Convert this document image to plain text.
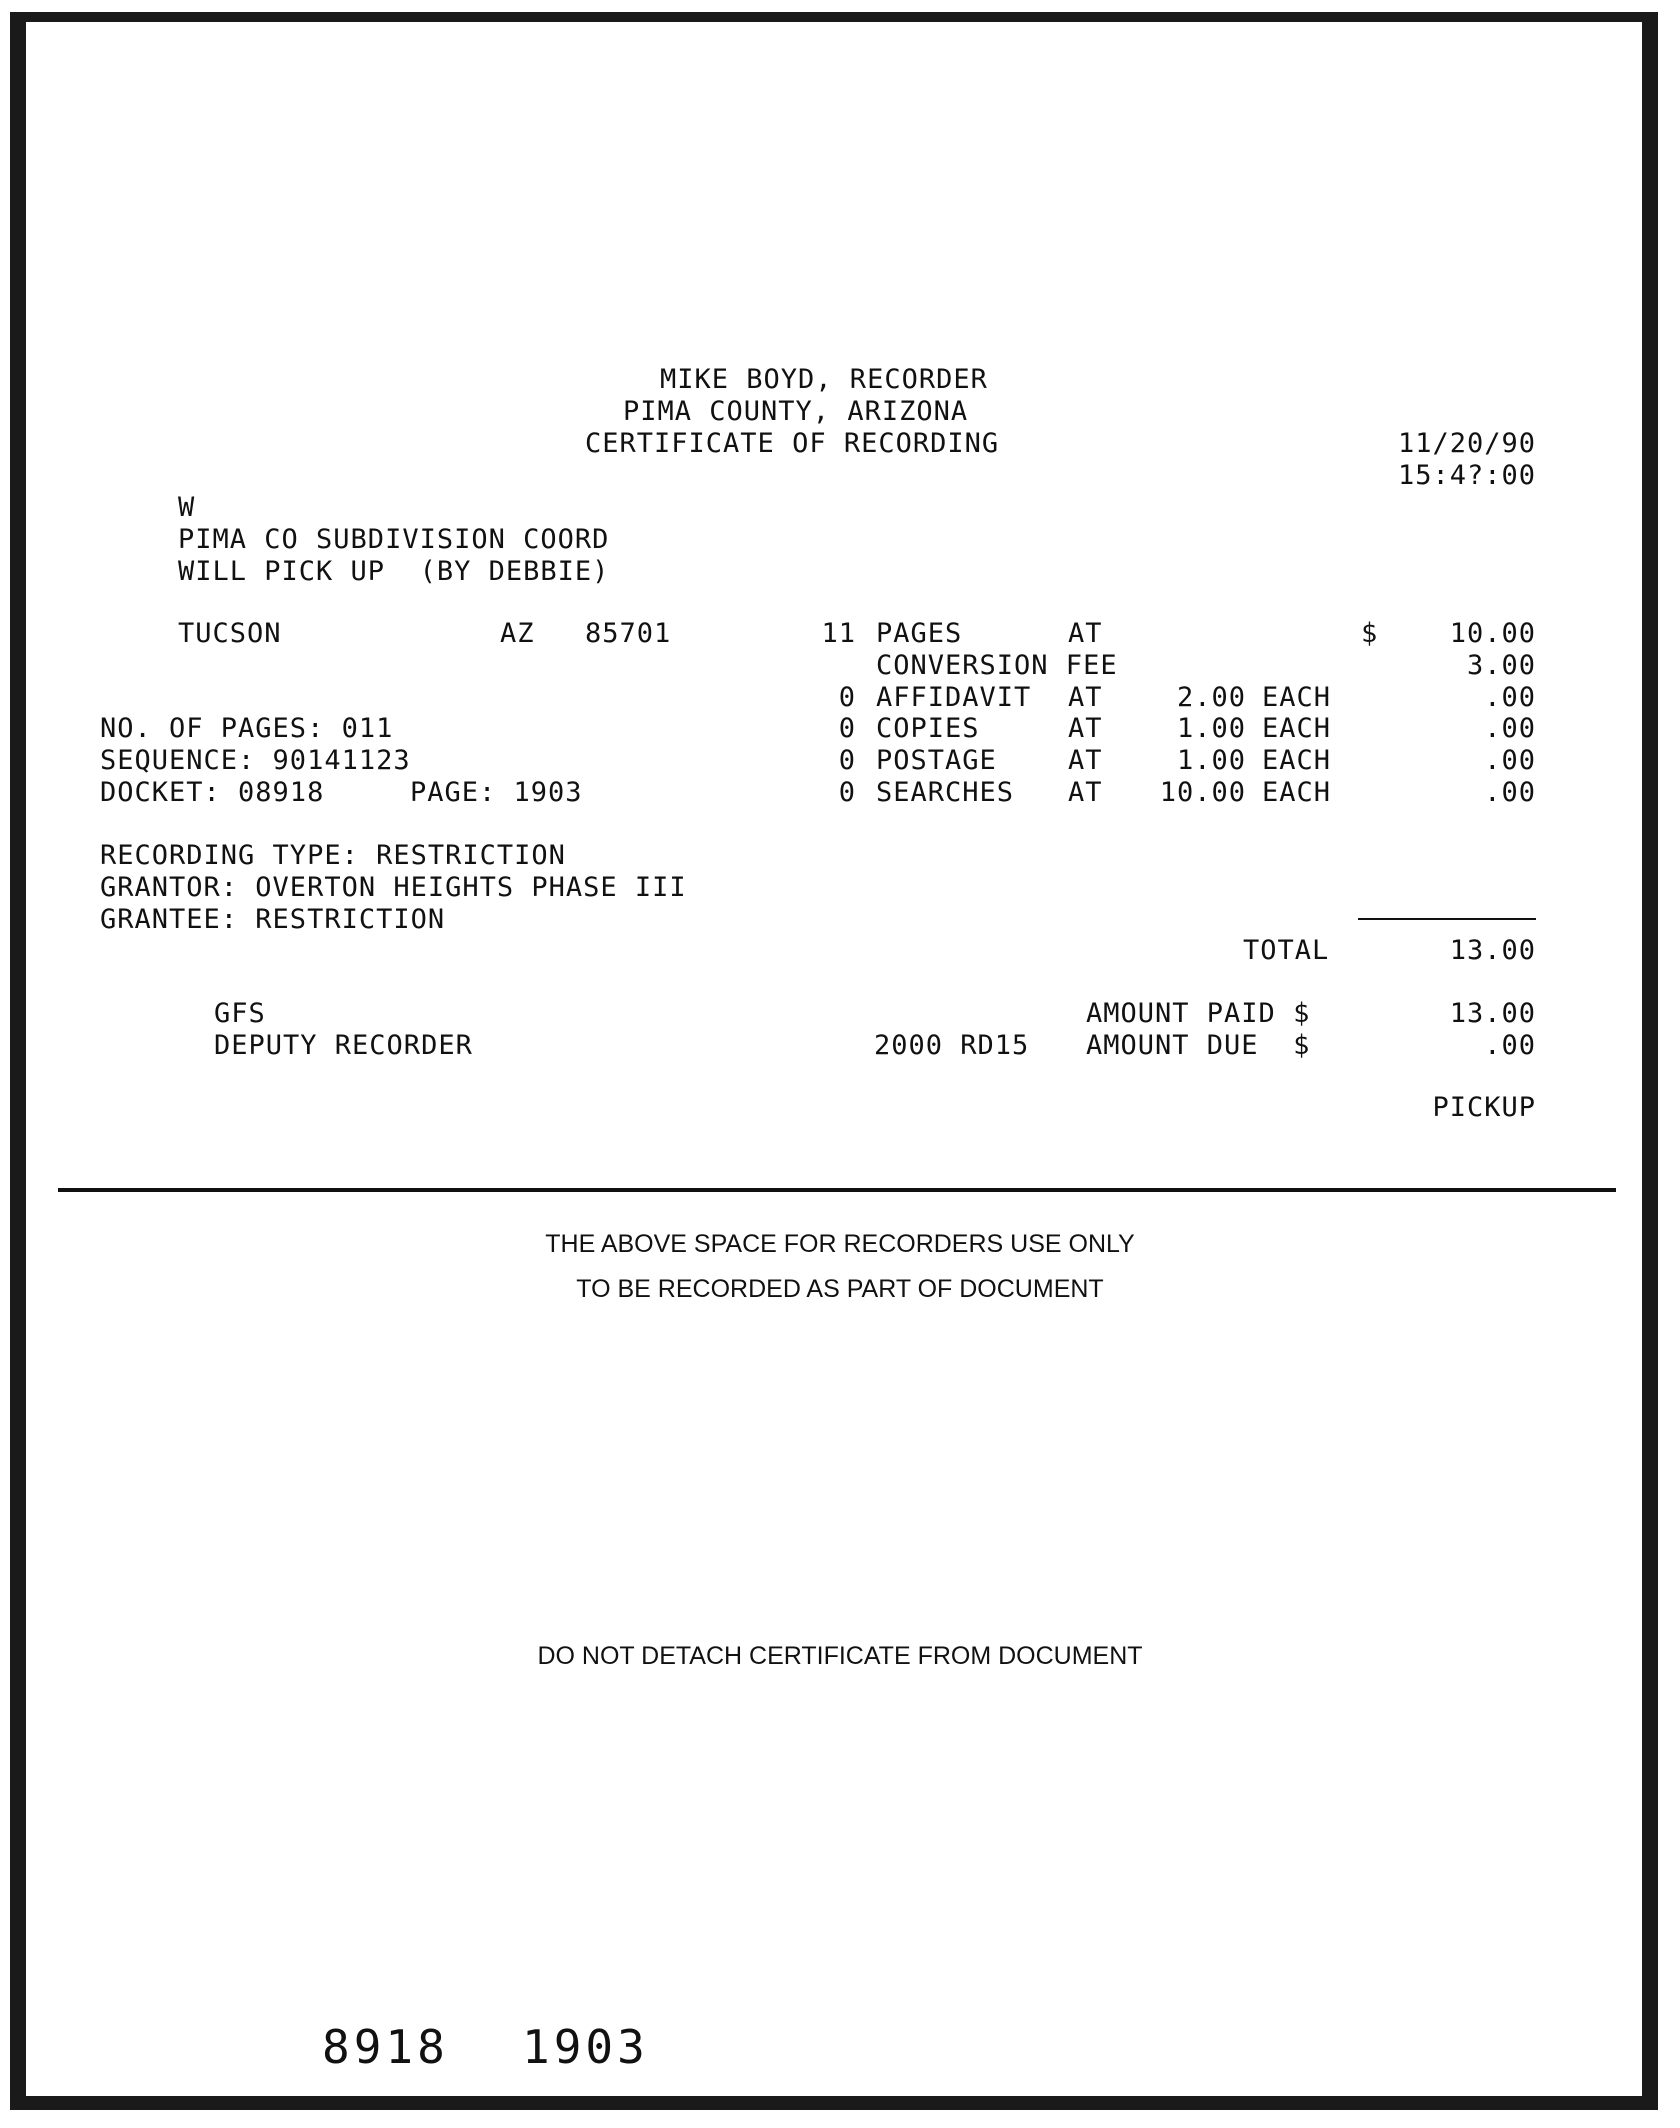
MIKE BOYD, RECORDER
PIMA COUNTY, ARIZONA
CERTIFICATE OF RECORDING	11/20/90
15:4?:00
W
PIMA CO SUBDIVISION COORD
WILL PICK UP  (BY DEBBIE)
TUCSON	AZ 85701
NO. OF PAGES: 011
SEQUENCE: 90141123
DOCKET: 08918	PAGE: 1903
RECORDING TYPE: RESTRICTION
GRANTOR: OVERTON HEIGHTS PHASE III
GRANTEE: RESTRICTION
11 PAGES	AT	$	10.00
CONVERSION FEE	3.00
0 AFFIDAVIT AT	2.00 EACH	.00
0 COPIES	AT	1.00 EACH	.00
0 POSTAGE	AT	1.00 EACH	.00
0 SEARCHES AT	10.00 EACH	.00
TOTAL	13.00
GFS	AMOUNT PAID $	13.00
DEPUTY RECORDER	2000 RD15 AMOUNT DUE  $	.00
PICKUP
THE ABOVE SPACE FOR RECORDERS USE ONLY
TO BE RECORDED AS PART OF DOCUMENT
DO NOT DETACH CERTIFICATE FROM DOCUMENT
8918 1903
